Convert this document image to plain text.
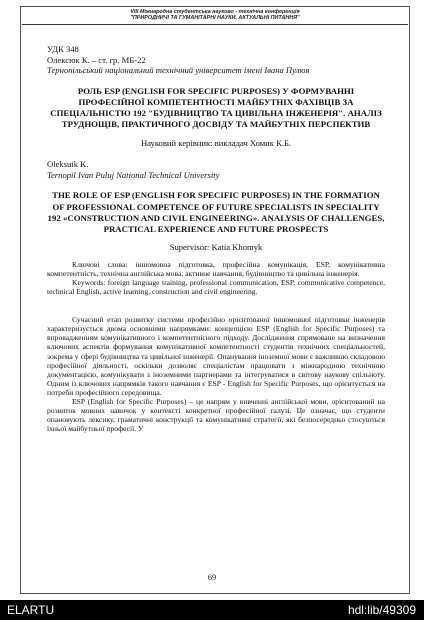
VIII Міжнародна студентська науково - технічна конференція
"ПРИРОДНИЧІ ТА ГУМАНІТАРНІ НАУКИ. АКТУАЛЬНІ ПИТАННЯ"
УДК 348
Олексюк К. – ст. гр. МБ-22
Тернопільський національний технічний університет імені Івана Пулюя
РОЛЬ ESP (ENGLISH FOR SPECIFIC PURPOSES) У ФОРМУВАННІ ПРОФЕСІЙНОЇ КОМПЕТЕНТНОСТІ МАЙБУТНІХ ФАХІВЦІВ ЗА СПЕЦІАЛЬНІСТЮ 192 "БУДІВНИЦТВО ТА ЦИВІЛЬНА ІНЖЕНЕРІЯ". АНАЛІЗ ТРУДНОЩІВ, ПРАКТИЧНОГО ДОСВІДУ ТА МАЙБУТНІХ ПЕРСПЕКТИВ
Науковий керівник: викладач Хомик К.Б.
Oleksuik K.
Ternopil Ivan Puluj National Technical University
THE ROLE OF ESP (ENGLISH FOR SPECIFIC PURPOSES) IN THE FORMATION OF PROFESSIONAL COMPETENCE OF FUTURE SPECIALISTS IN SPECIALITY 192 «CONSTRUCTION AND CIVIL ENGINEERING». ANALYSIS OF CHALLENGES, PRACTICAL EXPERIENCE AND FUTURE PROSPECTS
Supervisor: Katia Khomyk

Ключові слова: іншомовна підготовка, професійна комунікація, ESP, комунікативна компетентність, технічна англійська мова, активне навчання, будівництво та цивільна інженерія.

Keywords: foreign language training, professional communication, ESP, communicative competence, technical English, active learning, construction and civil engineering.

Сучасний етап розвитку системи професійно орієнтованої іншомовної підготовки інженерів характеризується двома основними напрямками: концепцією ESP (English for Specific Purposes) та впровадженням комунікативного і компетентнісного підходу. Дослідження спрямоване на визначення ключових аспектів формування комунікативної компетентності студентів технічних спеціальностей, зокрема у сфері будівництва та цивільної інженерії. Опанування іноземної мови є важливою складовою професійної діяльності, оскільки дозволяє спеціалістам працювати з міжнародною технічною документацією, комунікувати з іноземними партнерами та інтегруватися в світову наукову спільноту. Одним із ключових напрямків такого навчання є ESP - English for Specific Purposes, що орієнтується на потреби професійного середовища.

ESP (English for Specific Purposes) – це напрям у вивченні англійської мови, орієнтований на розвиток мовних навичок у контексті конкретної професійної галузі. Це означає, що студенти опановують лексику, граматичні конструкції та комунікативні стратегії, які безпосередньо стосуються їхньої майбутньої професії. У

69
ELARTU	hdl:lib/49309
